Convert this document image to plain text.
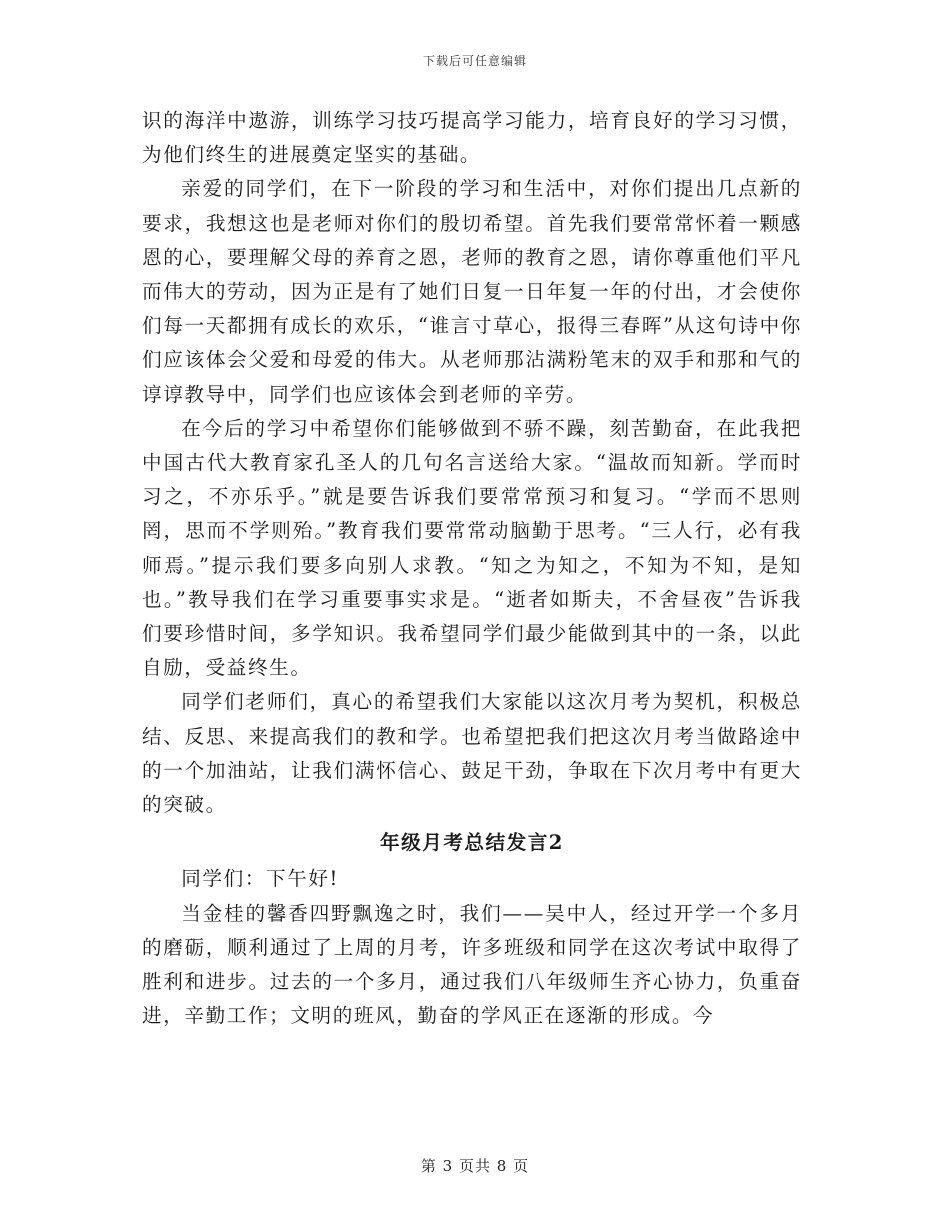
下载后可任意编辑

识的海洋中遨游，训练学习技巧提高学习能力，培育良好的学习习惯，为他们终生的进展奠定坚实的基础。

亲爱的同学们，在下一阶段的学习和生活中，对你们提出几点新的要求，我想这也是老师对你们的殷切希望。首先我们要常常怀着一颗感恩的心，要理解父母的养育之恩，老师的教育之恩，请你尊重他们平凡而伟大的劳动，因为正是有了她们日复一日年复一年的付出，才会使你们每一天都拥有成长的欢乐，“谁言寸草心，报得三春晖”从这句诗中你们应该体会父爱和母爱的伟大。从老师那沾满粉笔末的双手和那和气的谆谆教导中，同学们也应该体会到老师的辛劳。

在今后的学习中希望你们能够做到不骄不躁，刻苦勤奋，在此我把中国古代大教育家孔圣人的几句名言送给大家。“温故而知新。学而时习之，不亦乐乎。”就是要告诉我们要常常预习和复习。“学而不思则罔，思而不学则殆。”教育我们要常常动脑勤于思考。“三人行，必有我师焉。”提示我们要多向别人求教。“知之为知之，不知为不知，是知也。”教导我们在学习重要事实求是。“逝者如斯夫，不舍昼夜”告诉我们要珍惜时间，多学知识。我希望同学们最少能做到其中的一条，以此自励，受益终生。

同学们老师们，真心的希望我们大家能以这次月考为契机，积极总结、反思、来提高我们的教和学。也希望把我们把这次月考当做路途中的一个加油站，让我们满怀信心、鼓足干劲，争取在下次月考中有更大的突破。

年级月考总结发言2

同学们：下午好!

当金桂的馨香四野飘逸之时，我们——吴中人，经过开学一个多月的磨砺，顺利通过了上周的月考，许多班级和同学在这次考试中取得了胜利和进步。过去的一个多月，通过我们八年级师生齐心协力，负重奋进，辛勤工作；文明的班风，勤奋的学风正在逐渐的形成。今

第 3 页共 8 页
